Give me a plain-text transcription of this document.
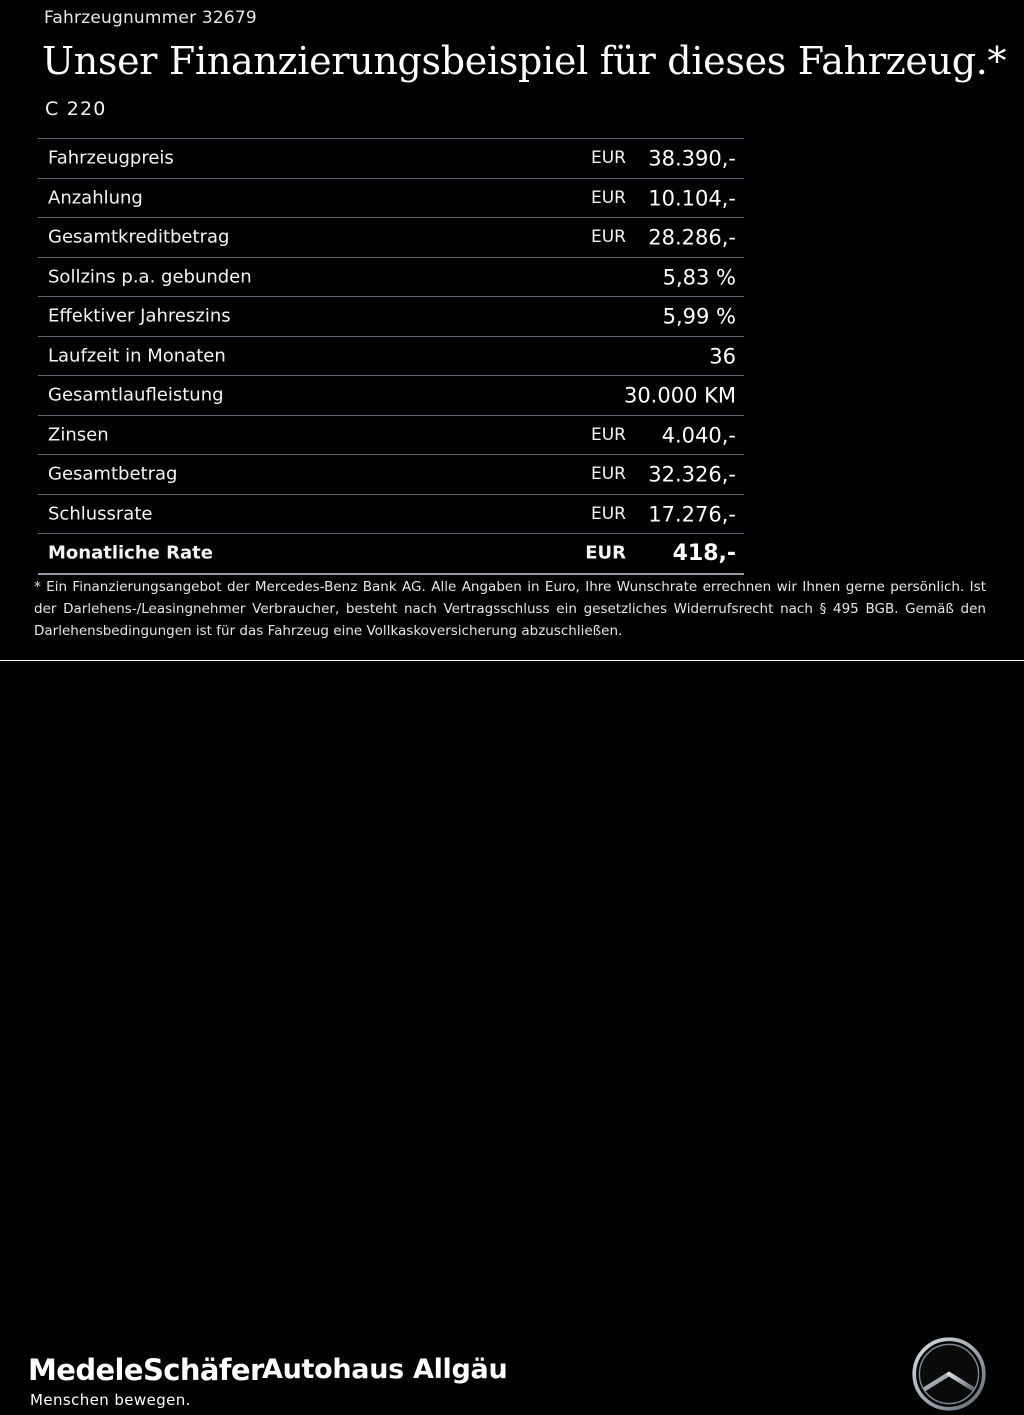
Fahrzeugnummer 32679
Unser Finanzierungsbeispiel für dieses Fahrzeug.*
C 220
Fahrzeugpreis	EUR 38.390,-
Anzahlung	EUR 10.104,-
Gesamtkreditbetrag	EUR 28.286,-
Sollzins p.a. gebunden	5,83 %
Effektiver Jahreszins	5,99 %
Laufzeit in Monaten	36
Gesamtlaufleistung	30.000 KM
Zinsen	EUR 4.040,-
Gesamtbetrag	EUR 32.326,-
Schlussrate	EUR 17.276,-
Monatliche Rate	EUR 418,-
* Ein Finanzierungsangebot der Mercedes-Benz Bank AG. Alle Angaben in Euro, Ihre Wunschrate errechnen wir Ihnen gerne persönlich. Ist der Darlehens-/Leasingnehmer Verbraucher, besteht nach Vertragsschluss ein gesetzliches Widerrufsrecht nach § 495 BGB. Gemäß den Darlehensbedingungen ist für das Fahrzeug eine Vollkaskoversicherung abzuschließen.
MedeleSchäfer
Menschen bewegen.
Autohaus Allgäu
